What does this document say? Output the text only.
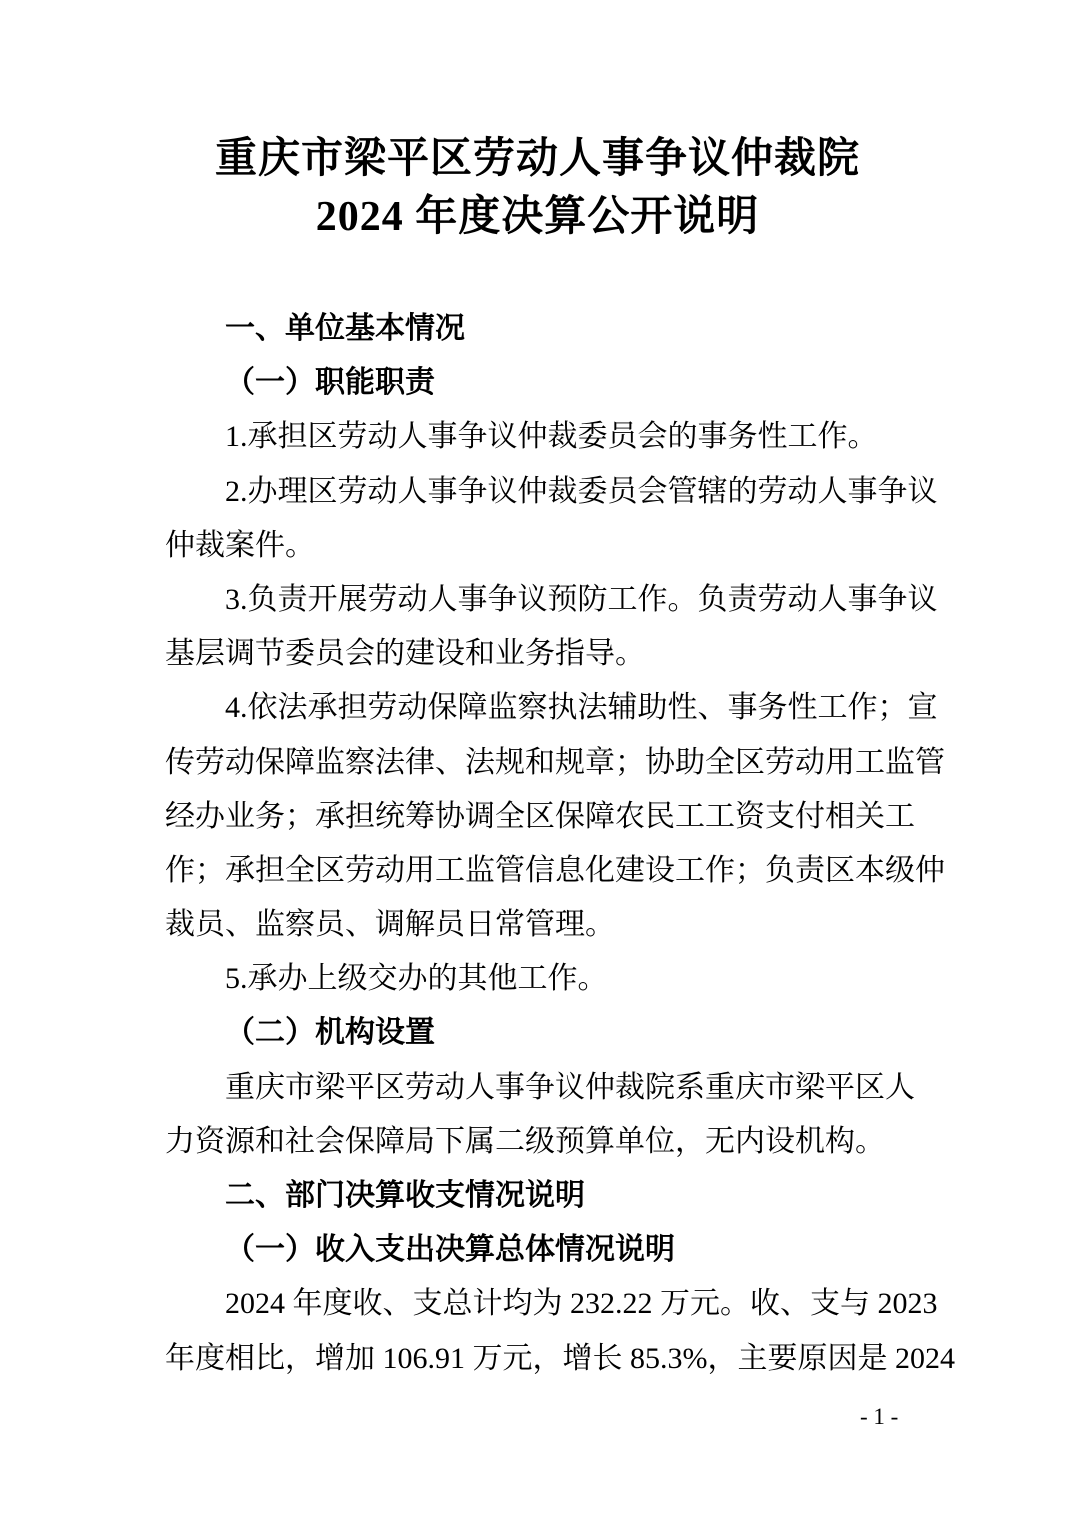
重庆市梁平区劳动人事争议仲裁院
2024 年度决算公开说明
一、单位基本情况
（一）职能职责
1.承担区劳动人事争议仲裁委员会的事务性工作。
2.办理区劳动人事争议仲裁委员会管辖的劳动人事争议
仲裁案件。
3.负责开展劳动人事争议预防工作。负责劳动人事争议
基层调节委员会的建设和业务指导。
4.依法承担劳动保障监察执法辅助性、事务性工作；宣
传劳动保障监察法律、法规和规章；协助全区劳动用工监管
经办业务；承担统筹协调全区保障农民工工资支付相关工
作；承担全区劳动用工监管信息化建设工作；负责区本级仲
裁员、监察员、调解员日常管理。
5.承办上级交办的其他工作。
（二）机构设置
重庆市梁平区劳动人事争议仲裁院系重庆市梁平区人
力资源和社会保障局下属二级预算单位，无内设机构。
二、部门决算收支情况说明
（一）收入支出决算总体情况说明
2024 年度收、支总计均为 232.22 万元。收、支与 2023
年度相比，增加 106.91 万元，增长 85.3%，主要原因是 2024
- 1 -
